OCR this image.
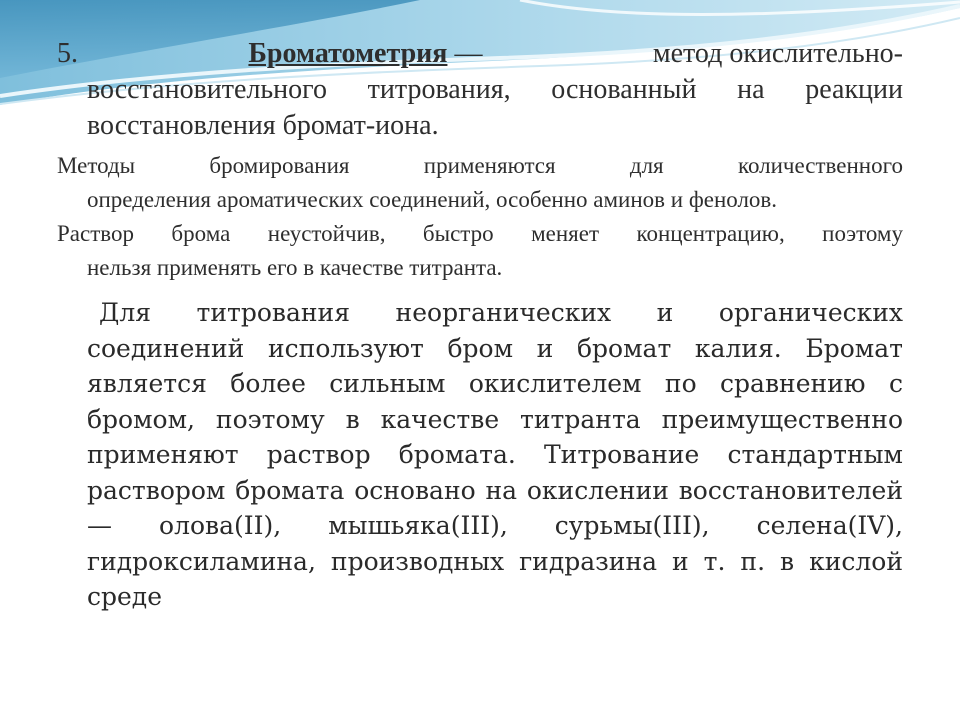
5.	Броматометрия —	метод окислительно-

восстановительного титрования, основанный на реакции восстановления бромат-иона.

Методы	бромирования	применяются	для	количественного
определения ароматических соединений, особенно аминов и фенолов.
Раствор брома неустойчив, быстро меняет концентрацию, поэтому
нельзя применять его в качестве титранта.

Для титрования неорганических и органических соединений используют бром и бромат калия. Бромат является более сильным окислителем по сравнению с бромом, поэтому в качестве титранта преимущественно применяют раствор бромата. Титрование стандартным раствором бромата основано на окислении восстановителей — олова(II), мышьяка(III), сурьмы(III), селена(IV), гидроксиламина, производных гидразина и т. п. в кислой среде
